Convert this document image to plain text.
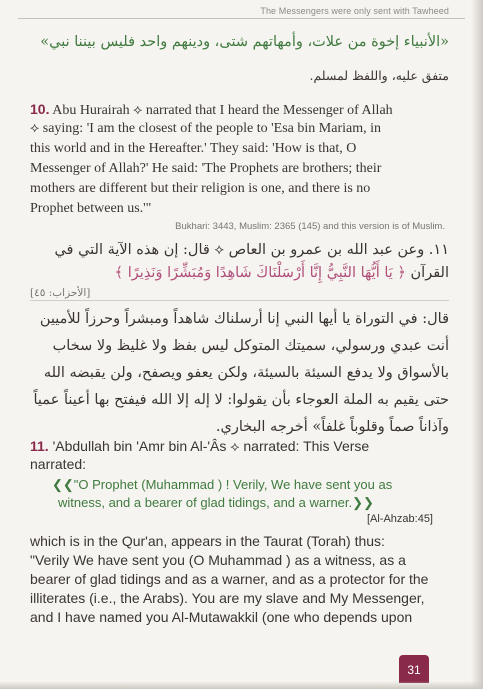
The Messengers were only sent with Tawheed
«الأنبياء إخوة من علات، وأمهاتهم شتى، ودينهم واحد فليس بيننا نبي»
متفق عليه، واللفظ لمسلم.
10. Abu Hurairah ⟡ narrated that I heard the Messenger of Allah
⟡ saying: 'I am the closest of the people to 'Esa bin Mariam, in
this world and in the Hereafter.' They said: 'How is that, O
Messenger of Allah?' He said: 'The Prophets are brothers; their
mothers are different but their religion is one, and there is no
Prophet between us.'"
Bukhari: 3443, Muslim: 2365 (145) and this version is of Muslim.
١١. وعن عبد الله بن عمرو بن العاص ⟡ قال: إن هذه الآية التي في
القرآن ﴿ يَا أَيُّهَا النَّبِيُّ إِنَّا أَرْسَلْنَاكَ شَاهِدًا وَمُبَشِّرًا وَنَذِيرًا ﴾
[الأحزاب: ٤٥]
قال: في التوراة يا أيها النبي إنا أرسلناك شاهداً ومبشراً وحرزاً للأميين
أنت عبدي ورسولي، سميتك المتوكل ليس بفظ ولا غليظ ولا سخاب
بالأسواق ولا يدفع السيئة بالسيئة، ولكن يعفو ويصفح، ولن يقبضه الله
حتى يقيم به الملة العوجاء بأن يقولوا: لا إله إلا الله فيفتح بها أعيناً عمياً
وآذاناً صماً وقلوباً غلفاً» أخرجه البخاري.
11. 'Abdullah bin 'Amr bin Al-'Âs ⟡ narrated: This Verse
narrated:
❮❮"O Prophet (Muhammad ) ! Verily, We have sent you as
witness, and a bearer of glad tidings, and a warner.❯❯
[Al-Ahzab:45]
which is in the Qur'an, appears in the Taurat (Torah) thus:
"Verily We have sent you (O Muhammad ) as a witness, as a
bearer of glad tidings and as a warner, and as a protector for the
illiterates (i.e., the Arabs). You are my slave and My Messenger,
and I have named you Al-Mutawakkil (one who depends upon
31
